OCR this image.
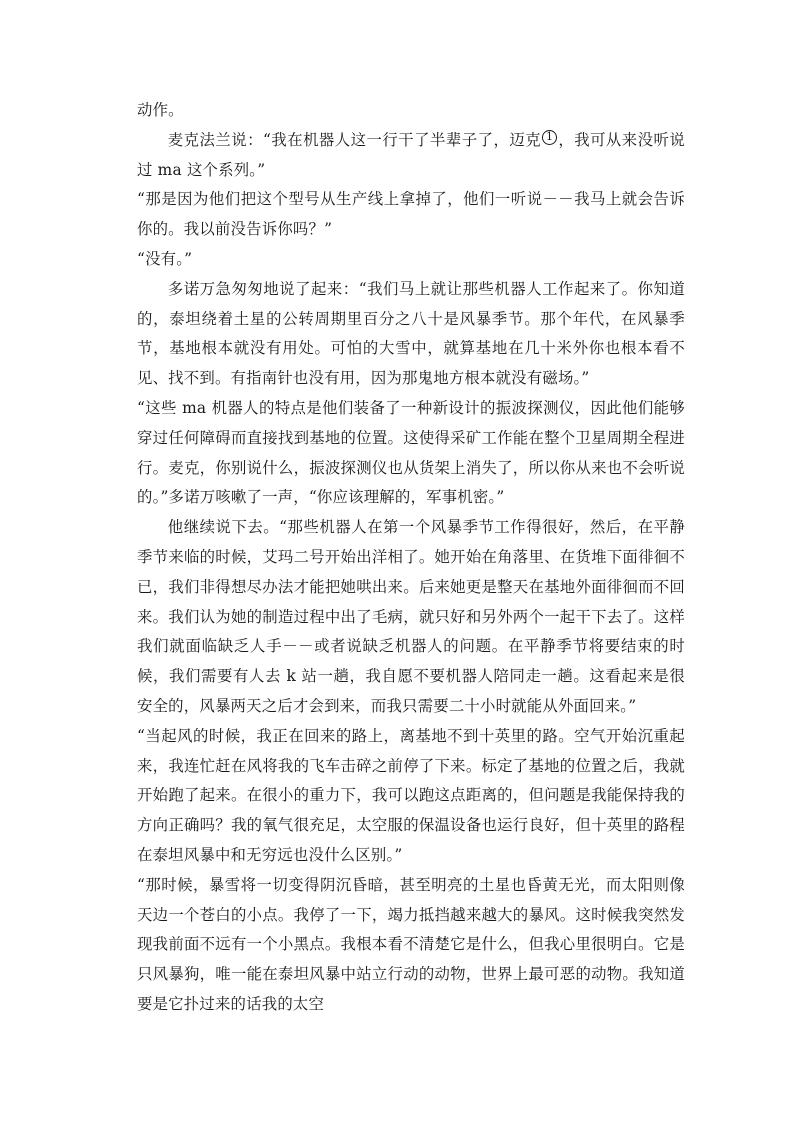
动作。

麦克法兰说：“我在机器人这一行干了半辈子了，迈克 1 ，我可从来没听说过 ma 这个系列。”

“那是因为他们把这个型号从生产线上拿掉了，他们一听说－－我马上就会告诉你的。我以前没告诉你吗？”

“没有。”

多诺万急匆匆地说了起来：“我们马上就让那些机器人工作起来了。你知道的，泰坦绕着土星的公转周期里百分之八十是风暴季节。那个年代，在风暴季节，基地根本就没有用处。可怕的大雪中，就算基地在几十米外你也根本看不见、找不到。有指南针也没有用，因为那鬼地方根本就没有磁场。”

“这些 ma 机器人的特点是他们装备了一种新设计的振波探测仪，因此他们能够穿过任何障碍而直接找到基地的位置。这使得采矿工作能在整个卫星周期全程进行。麦克，你别说什么，振波探测仪也从货架上消失了，所以你从来也不会听说的。”多诺万咳嗽了一声，“你应该理解的，军事机密。”

他继续说下去。“那些机器人在第一个风暴季节工作得很好，然后，在平静季节来临的时候，艾玛二号开始出洋相了。她开始在角落里、在货堆下面徘徊不已，我们非得想尽办法才能把她哄出来。后来她更是整天在基地外面徘徊而不回来。我们认为她的制造过程中出了毛病，就只好和另外两个一起干下去了。这样我们就面临缺乏人手－－或者说缺乏机器人的问题。在平静季节将要结束的时候，我们需要有人去 k 站一趟，我自愿不要机器人陪同走一趟。这看起来是很安全的，风暴两天之后才会到来，而我只需要二十小时就能从外面回来。”

“当起风的时候，我正在回来的路上，离基地不到十英里的路。空气开始沉重起来，我连忙赶在风将我的飞车击碎之前停了下来。标定了基地的位置之后，我就开始跑了起来。在很小的重力下，我可以跑这点距离的，但问题是我能保持我的方向正确吗？我的氧气很充足，太空服的保温设备也运行良好，但十英里的路程在泰坦风暴中和无穷远也没什么区别。”

“那时候，暴雪将一切变得阴沉昏暗，甚至明亮的土星也昏黄无光，而太阳则像天边一个苍白的小点。我停了一下，竭力抵挡越来越大的暴风。这时候我突然发现我前面不远有一个小黑点。我根本看不清楚它是什么，但我心里很明白。它是只风暴狗，唯一能在泰坦风暴中站立行动的动物，世界上最可恶的动物。我知道要是它扑过来的话我的太空
